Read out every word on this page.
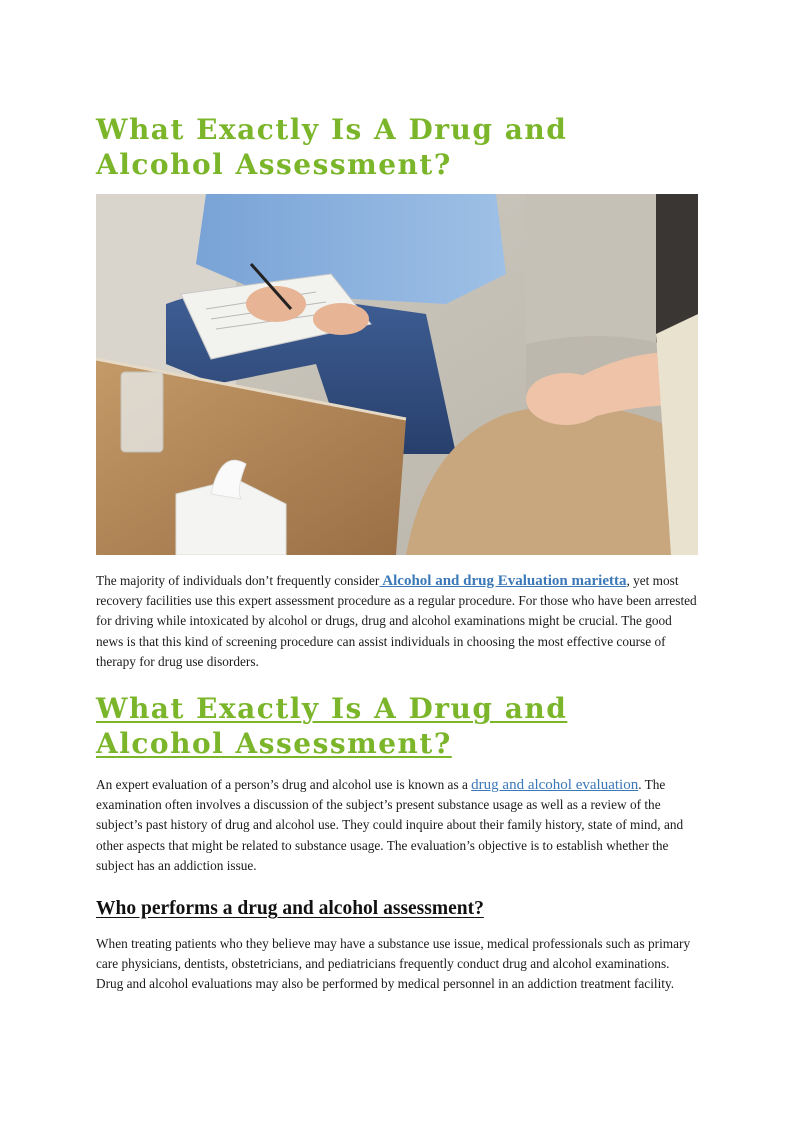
What Exactly Is A Drug and Alcohol Assessment?

The majority of individuals don’t frequently consider Alcohol and drug Evaluation marietta, yet most recovery facilities use this expert assessment procedure as a regular procedure. For those who have been arrested for driving while intoxicated by alcohol or drugs, drug and alcohol examinations might be crucial. The good news is that this kind of screening procedure can assist individuals in choosing the most effective course of therapy for drug use disorders.

What Exactly Is A Drug and Alcohol Assessment?

An expert evaluation of a person’s drug and alcohol use is known as a drug and alcohol evaluation. The examination often involves a discussion of the subject’s present substance usage as well as a review of the subject’s past history of drug and alcohol use. They could inquire about their family history, state of mind, and other aspects that might be related to substance usage. The evaluation’s objective is to establish whether the subject has an addiction issue.

Who performs a drug and alcohol assessment?

When treating patients who they believe may have a substance use issue, medical professionals such as primary care physicians, dentists, obstetricians, and pediatricians frequently conduct drug and alcohol examinations. Drug and alcohol evaluations may also be performed by medical personnel in an addiction treatment facility.
